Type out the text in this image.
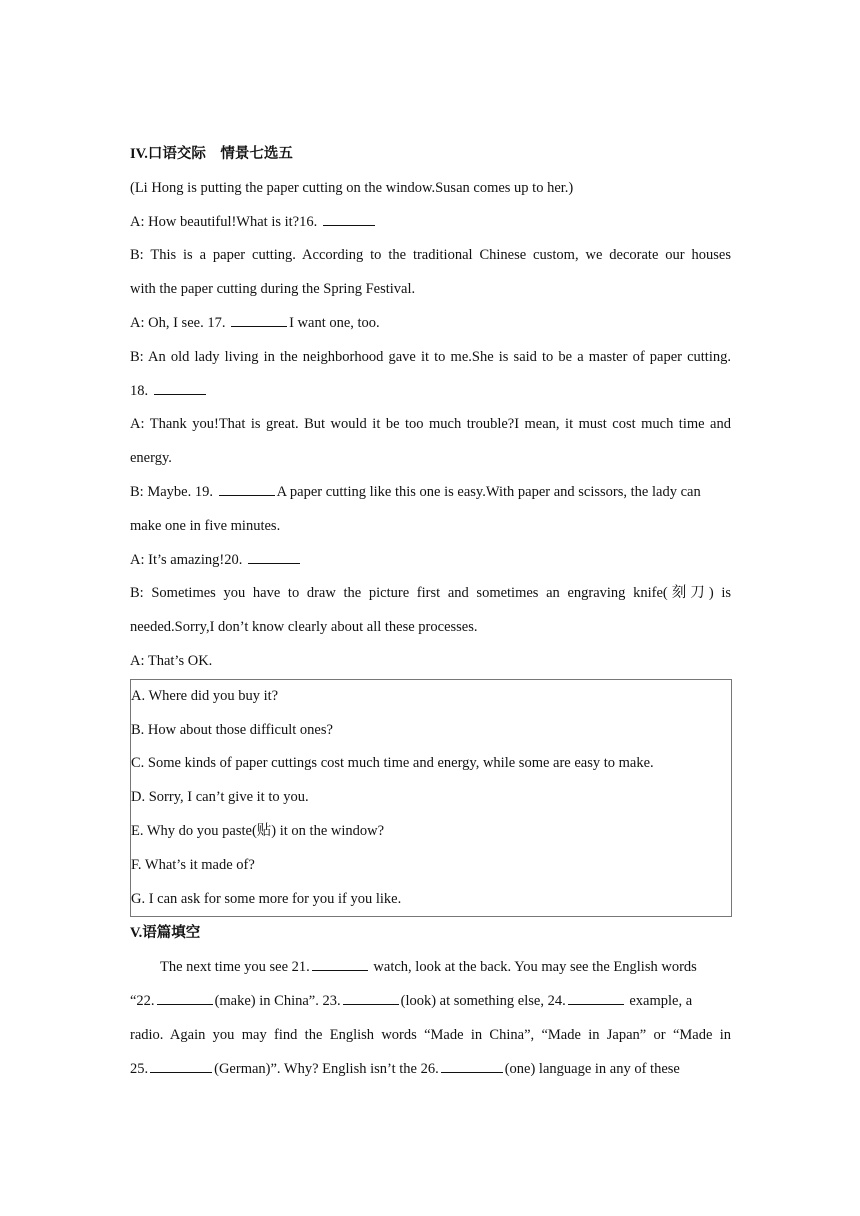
IV.口语交际　情景七选五
(Li Hong is putting the paper cutting on the window.Susan comes up to her.)
A: How beautiful!What is it?16.
B: This is a paper cutting. According to the traditional Chinese custom, we decorate our houses
with the paper cutting during the Spring Festival.
A: Oh, I see. 17.	I want one, too.
B: An old lady living in the neighborhood gave it to me.She is said to be a master of paper cutting.
18.
A: Thank you!That is great. But would it be too much trouble?I mean, it must cost much time and
energy.
B: Maybe. 19.	A paper cutting like this one is easy.With paper and scissors, the lady can
make one in five minutes.
A: It’s amazing!20.
B: Sometimes you have to draw the picture first and sometimes an engraving knife(刻刀) is
needed.Sorry,I don’t know clearly about all these processes.
A: That’s OK.
A. Where did you buy it?
B. How about those difficult ones?
C. Some kinds of paper cuttings cost much time and energy, while some are easy to make.
D. Sorry, I can’t give it to you.
E. Why do you paste(贴) it on the window?
F. What’s it made of?
G. I can ask for some more for you if you like.
V.语篇填空
The next time you see 21.	watch, look at the back. You may see the English words
“22.	(make) in China”. 23.	(look) at something else, 24.	example, a
radio. Again you may find the English words “Made in China”, “Made in Japan” or “Made in
25.	(German)”. Why? English isn’t the 26.	(one) language in any of these
